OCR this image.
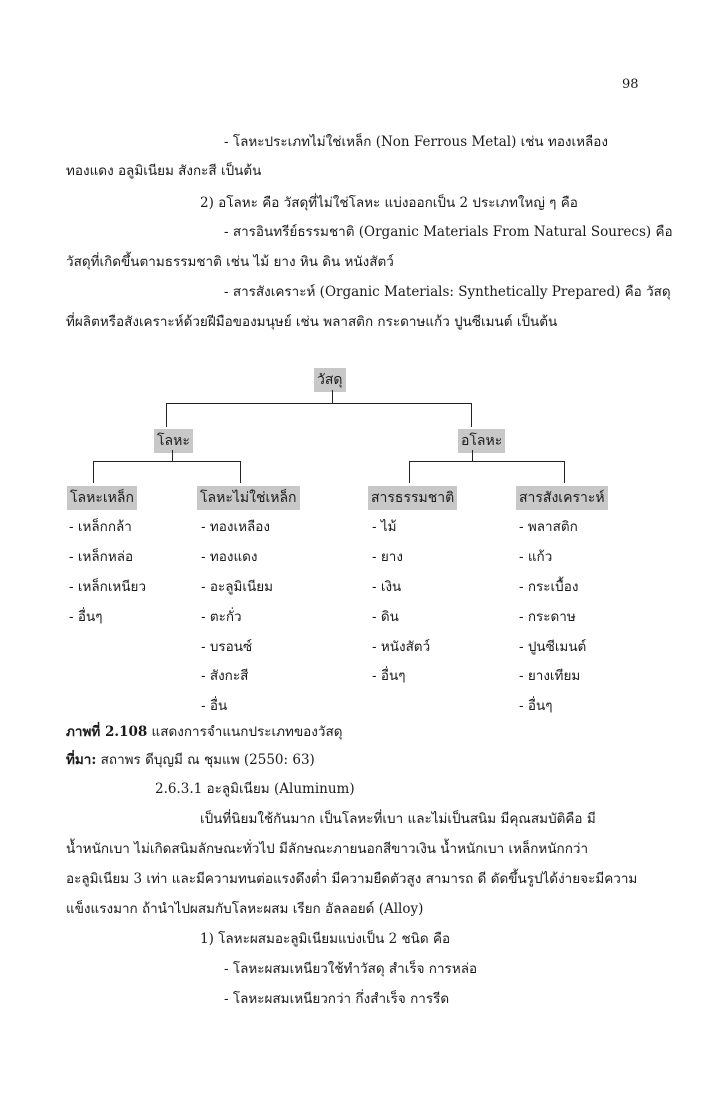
98
- โลหะประเภทไม่ใช่เหล็ก (Non Ferrous Metal) เช่น ทองเหลือง
ทองแดง อลูมิเนียม สังกะสี เป็นต้น
2) อโลหะ คือ วัสดุที่ไม่ใช่โลหะ แบ่งออกเป็น 2 ประเภทใหญ่ ๆ คือ
- สารอินทรีย์ธรรมชาติ (Organic Materials From Natural Sourecs) คือ
วัสดุที่เกิดขึ้นตามธรรมชาติ เช่น ไม้ ยาง หิน ดิน หนังสัตว์
- สารสังเคราะห์ (Organic Materials: Synthetically Prepared) คือ วัสดุ
ที่ผลิตหรือสังเคราะห์ด้วยฝีมือของมนุษย์ เช่น พลาสติก กระดาษแก้ว ปูนซีเมนต์ เป็นต้น
วัสดุ
โลหะ	อโลหะ
โลหะเหล็ก	โลหะไม่ใช่เหล็ก	สารธรรมชาติ	สารสังเคราะห์
- เหล็กกล้า
- เหล็กหล่อ
- เหล็กเหนียว
- อื่นๆ
- ทองเหลือง
- ทองแดง
- อะลูมิเนียม
- ตะกั่ว
- บรอนซ์
- สังกะสี
- อื่น
- ไม้
- ยาง
- เงิน
- ดิน
- หนังสัตว์
- อื่นๆ
- พลาสติก
- แก้ว
- กระเบื้อง
- กระดาษ
- ปูนซีเมนต์
- ยางเทียม
- อื่นๆ
ภาพที่ 2.108 แสดงการจำแนกประเภทของวัสดุ
ที่มา: สถาพร ดีบุญมี ณ ชุมแพ (2550: 63)
2.6.3.1 อะลูมิเนียม (Aluminum)
เป็นที่นิยมใช้กันมาก เป็นโลหะที่เบา และไม่เป็นสนิม มีคุณสมบัติคือ มี
น้ำหนักเบา ไม่เกิดสนิมลักษณะทั่วไป มีลักษณะภายนอกสีขาวเงิน น้ำหนักเบา เหล็กหนักกว่า
อะลูมิเนียม 3 เท่า และมีความทนต่อแรงดึงต่ำ มีความยืดตัวสูง สามารถ ดี ดัดขึ้นรูปได้ง่ายจะมีความ
แข็งแรงมาก ถ้านำไปผสมกับโลหะผสม เรียก อัลลอยด์ (Alloy)
1) โลหะผสมอะลูมิเนียมแบ่งเป็น 2 ชนิด คือ
- โลหะผสมเหนียวใช้ทำวัสดุ สำเร็จ การหล่อ
- โลหะผสมเหนียวกว่า กึ่งสำเร็จ การรีด
